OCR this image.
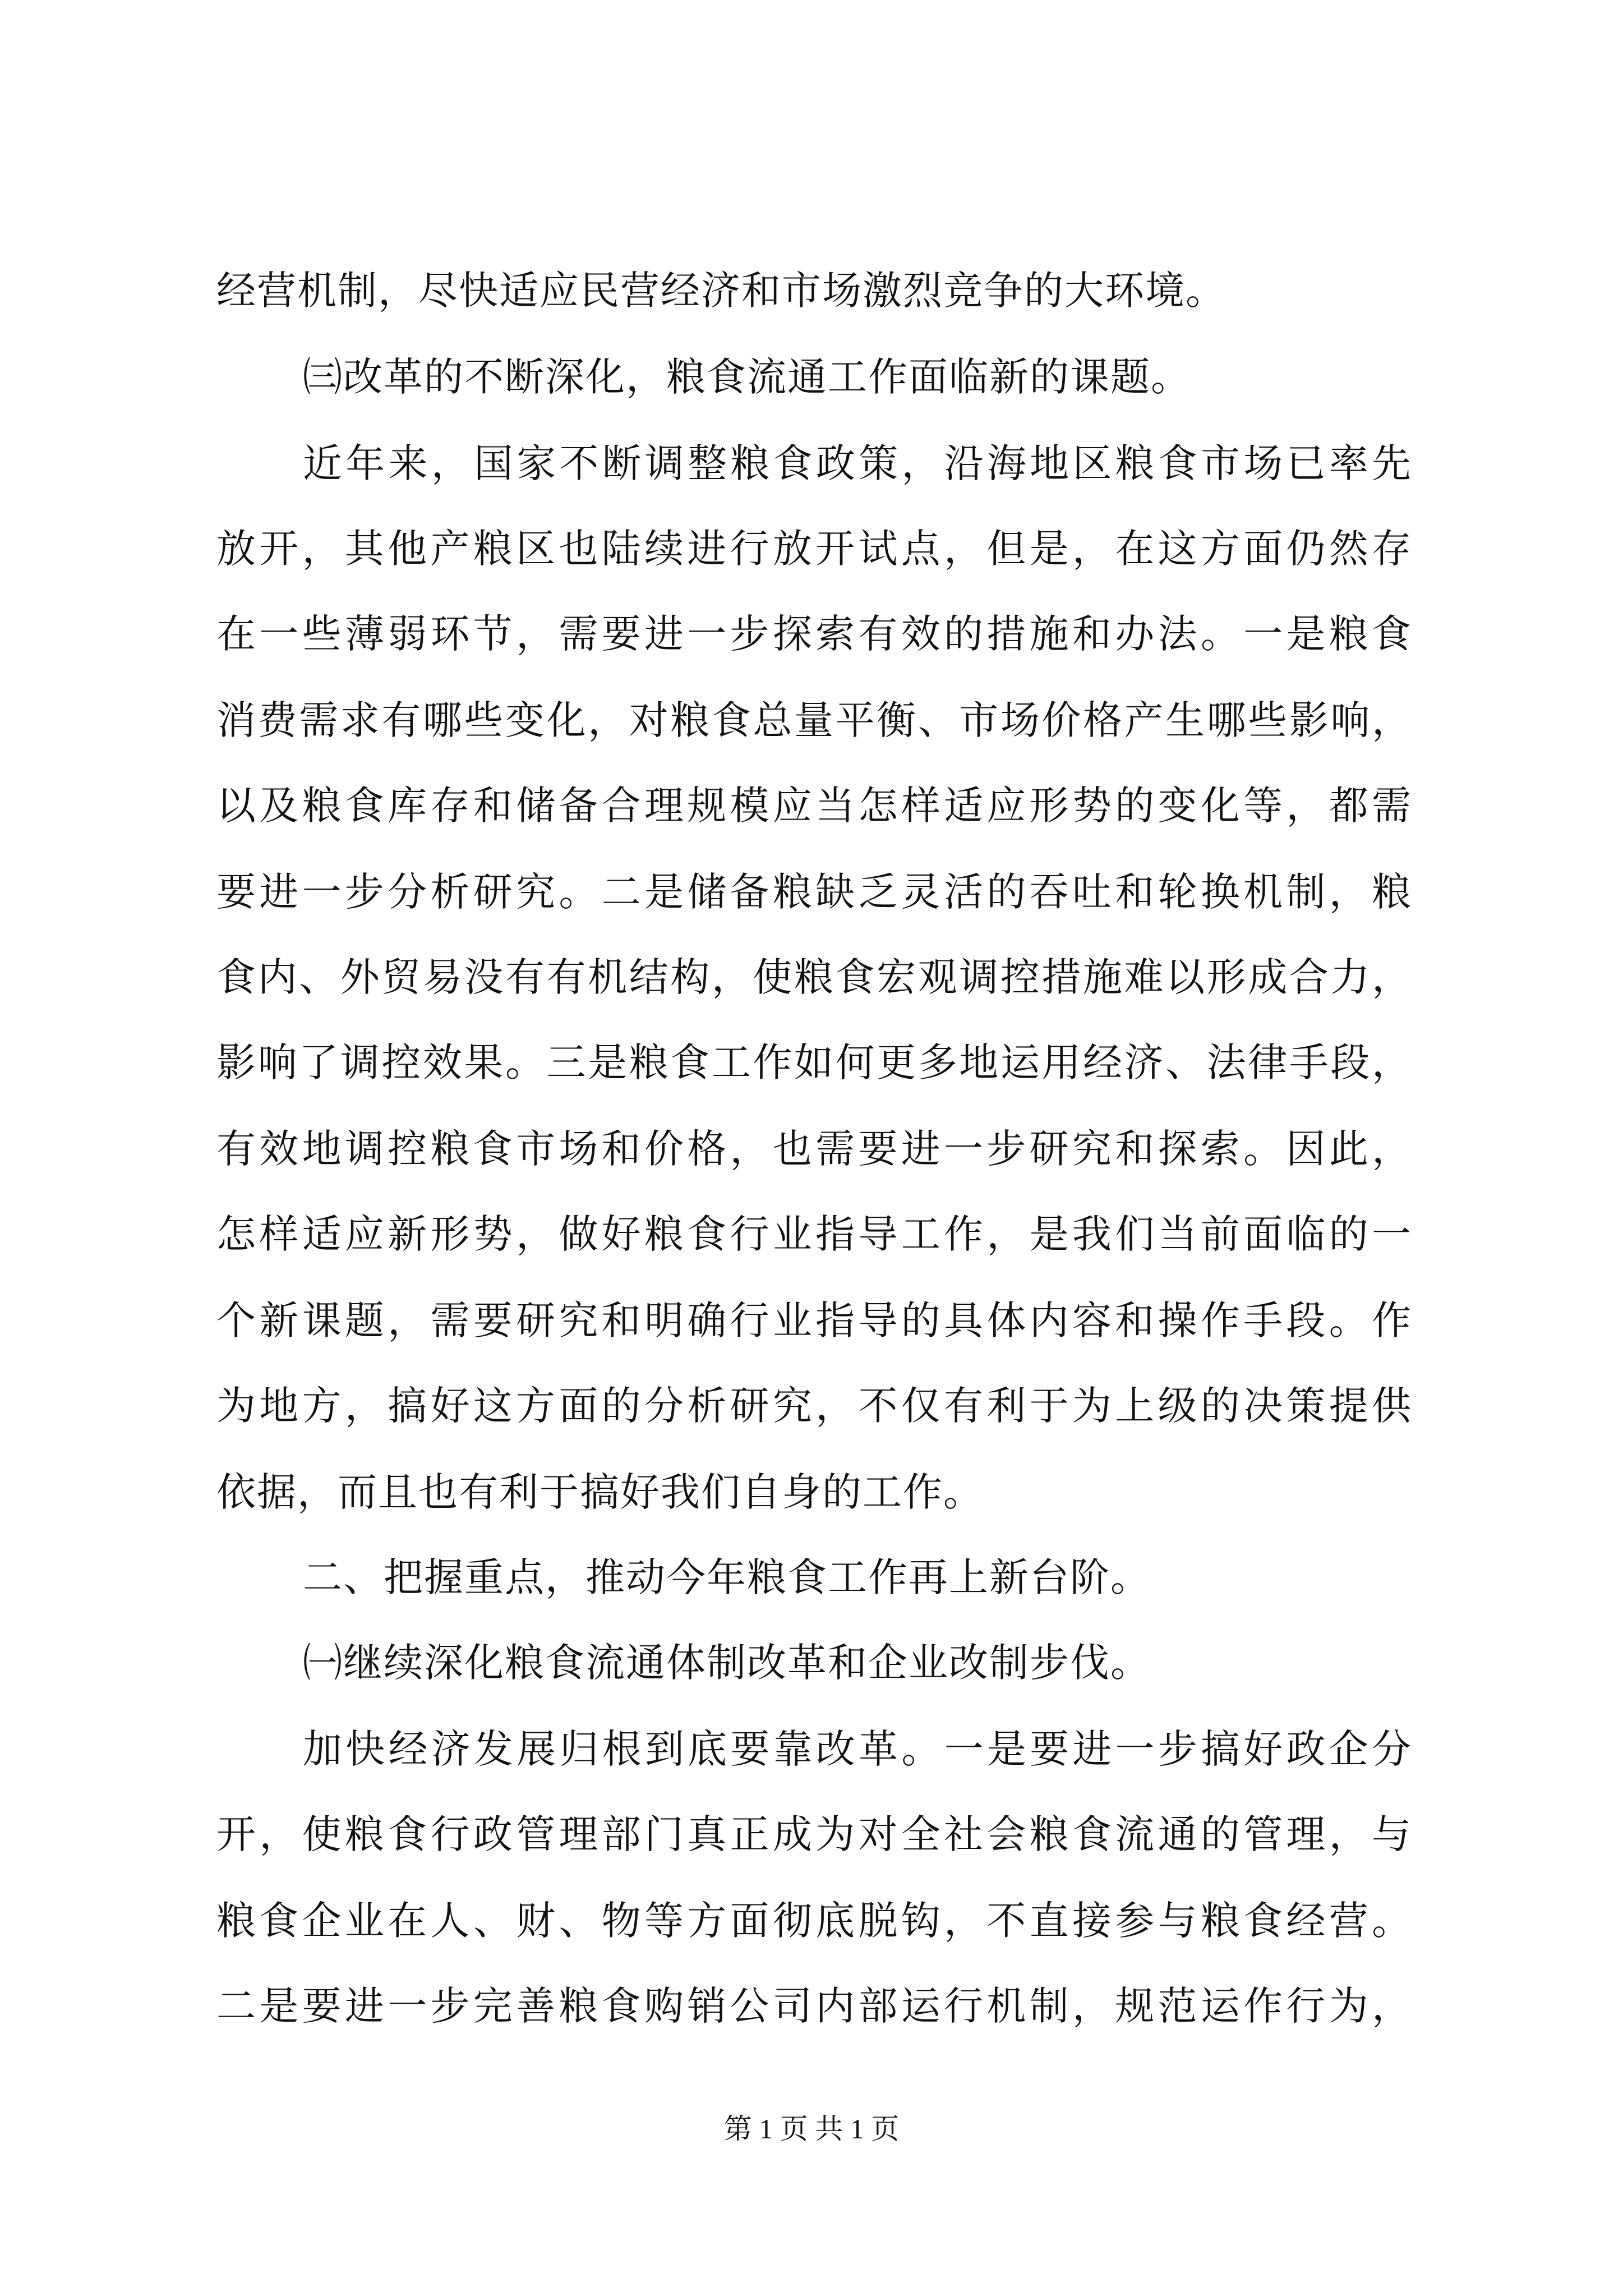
经营机制，尽快适应民营经济和市场激烈竞争的大环境。
㈢改革的不断深化，粮食流通工作面临新的课题。
近年来，国家不断调整粮食政策，沿海地区粮食市场已率先
放开，其他产粮区也陆续进行放开试点，但是，在这方面仍然存
在一些薄弱环节，需要进一步探索有效的措施和办法。一是粮食
消费需求有哪些变化，对粮食总量平衡、市场价格产生哪些影响，
以及粮食库存和储备合理规模应当怎样适应形势的变化等，都需
要进一步分析研究。二是储备粮缺乏灵活的吞吐和轮换机制，粮
食内、外贸易没有有机结构，使粮食宏观调控措施难以形成合力，
影响了调控效果。三是粮食工作如何更多地运用经济、法律手段，
有效地调控粮食市场和价格，也需要进一步研究和探索。因此，
怎样适应新形势，做好粮食行业指导工作，是我们当前面临的一
个新课题，需要研究和明确行业指导的具体内容和操作手段。作
为地方，搞好这方面的分析研究，不仅有利于为上级的决策提供
依据，而且也有利于搞好我们自身的工作。
二、把握重点，推动今年粮食工作再上新台阶。
㈠继续深化粮食流通体制改革和企业改制步伐。
加快经济发展归根到底要靠改革。一是要进一步搞好政企分
开，使粮食行政管理部门真正成为对全社会粮食流通的管理，与
粮食企业在人、财、物等方面彻底脱钩，不直接参与粮食经营。
二是要进一步完善粮食购销公司内部运行机制，规范运作行为，
第 1 页 共 1 页
